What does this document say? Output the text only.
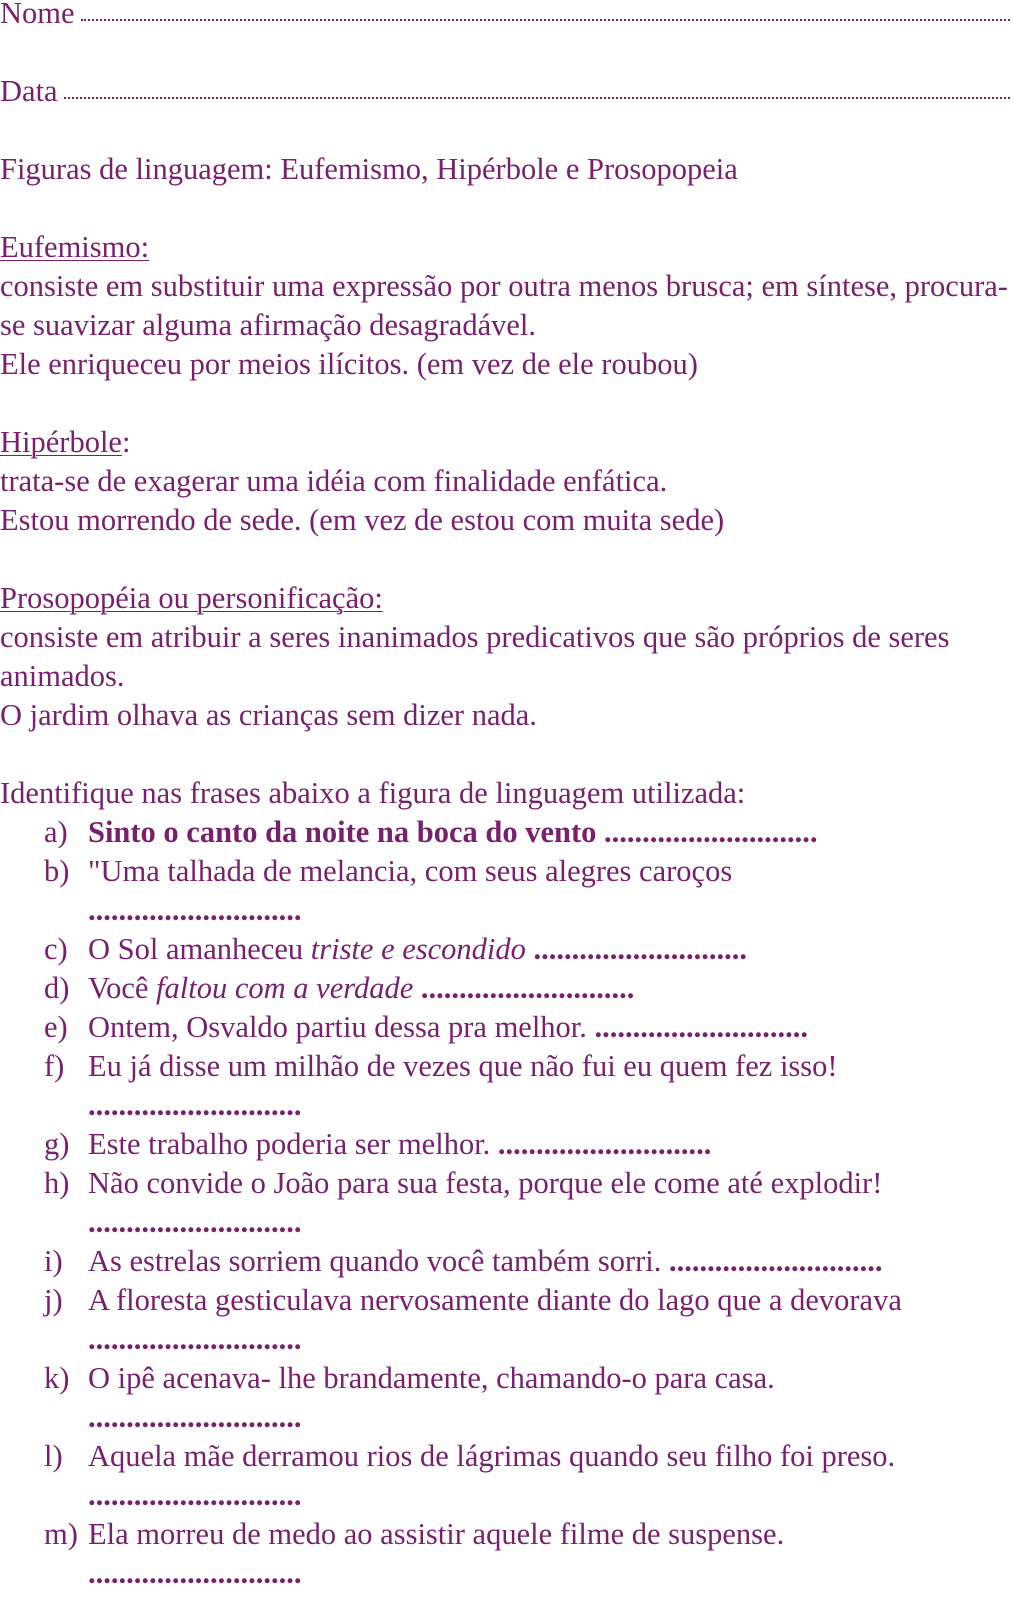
Nome
Data
Figuras de linguagem: Eufemismo, Hipérbole e Prosopopeia
Eufemismo:
consiste em substituir uma expressão por outra menos brusca; em síntese, procura-se suavizar alguma afirmação desagradável.
Ele enriqueceu por meios ilícitos. (em vez de ele roubou)
Hipérbole:
trata-se de exagerar uma idéia com finalidade enfática.
Estou morrendo de sede. (em vez de estou com muita sede)
Prosopopéia ou personificação:
consiste em atribuir a seres inanimados predicativos que são próprios de seres animados.
O jardim olhava as crianças sem dizer nada.
Identifique nas frases abaixo a figura de linguagem utilizada:
a) Sinto o canto da noite na boca do vento ............................
b) "Uma talhada de melancia, com seus alegres caroços
............................
c) O Sol amanheceu triste e escondido ............................
d) Você faltou com a verdade ............................
e) Ontem, Osvaldo partiu dessa pra melhor. ............................
f) Eu já disse um milhão de vezes que não fui eu quem fez isso!
............................
g) Este trabalho poderia ser melhor. ............................
h) Não convide o João para sua festa, porque ele come até explodir!
............................
i) As estrelas sorriem quando você também sorri. ............................
j) A floresta gesticulava nervosamente diante do lago que a devorava
............................
k) O ipê acenava- lhe brandamente, chamando-o para casa.
............................
l) Aquela mãe derramou rios de lágrimas quando seu filho foi preso.
............................
m) Ela morreu de medo ao assistir aquele filme de suspense.
............................
